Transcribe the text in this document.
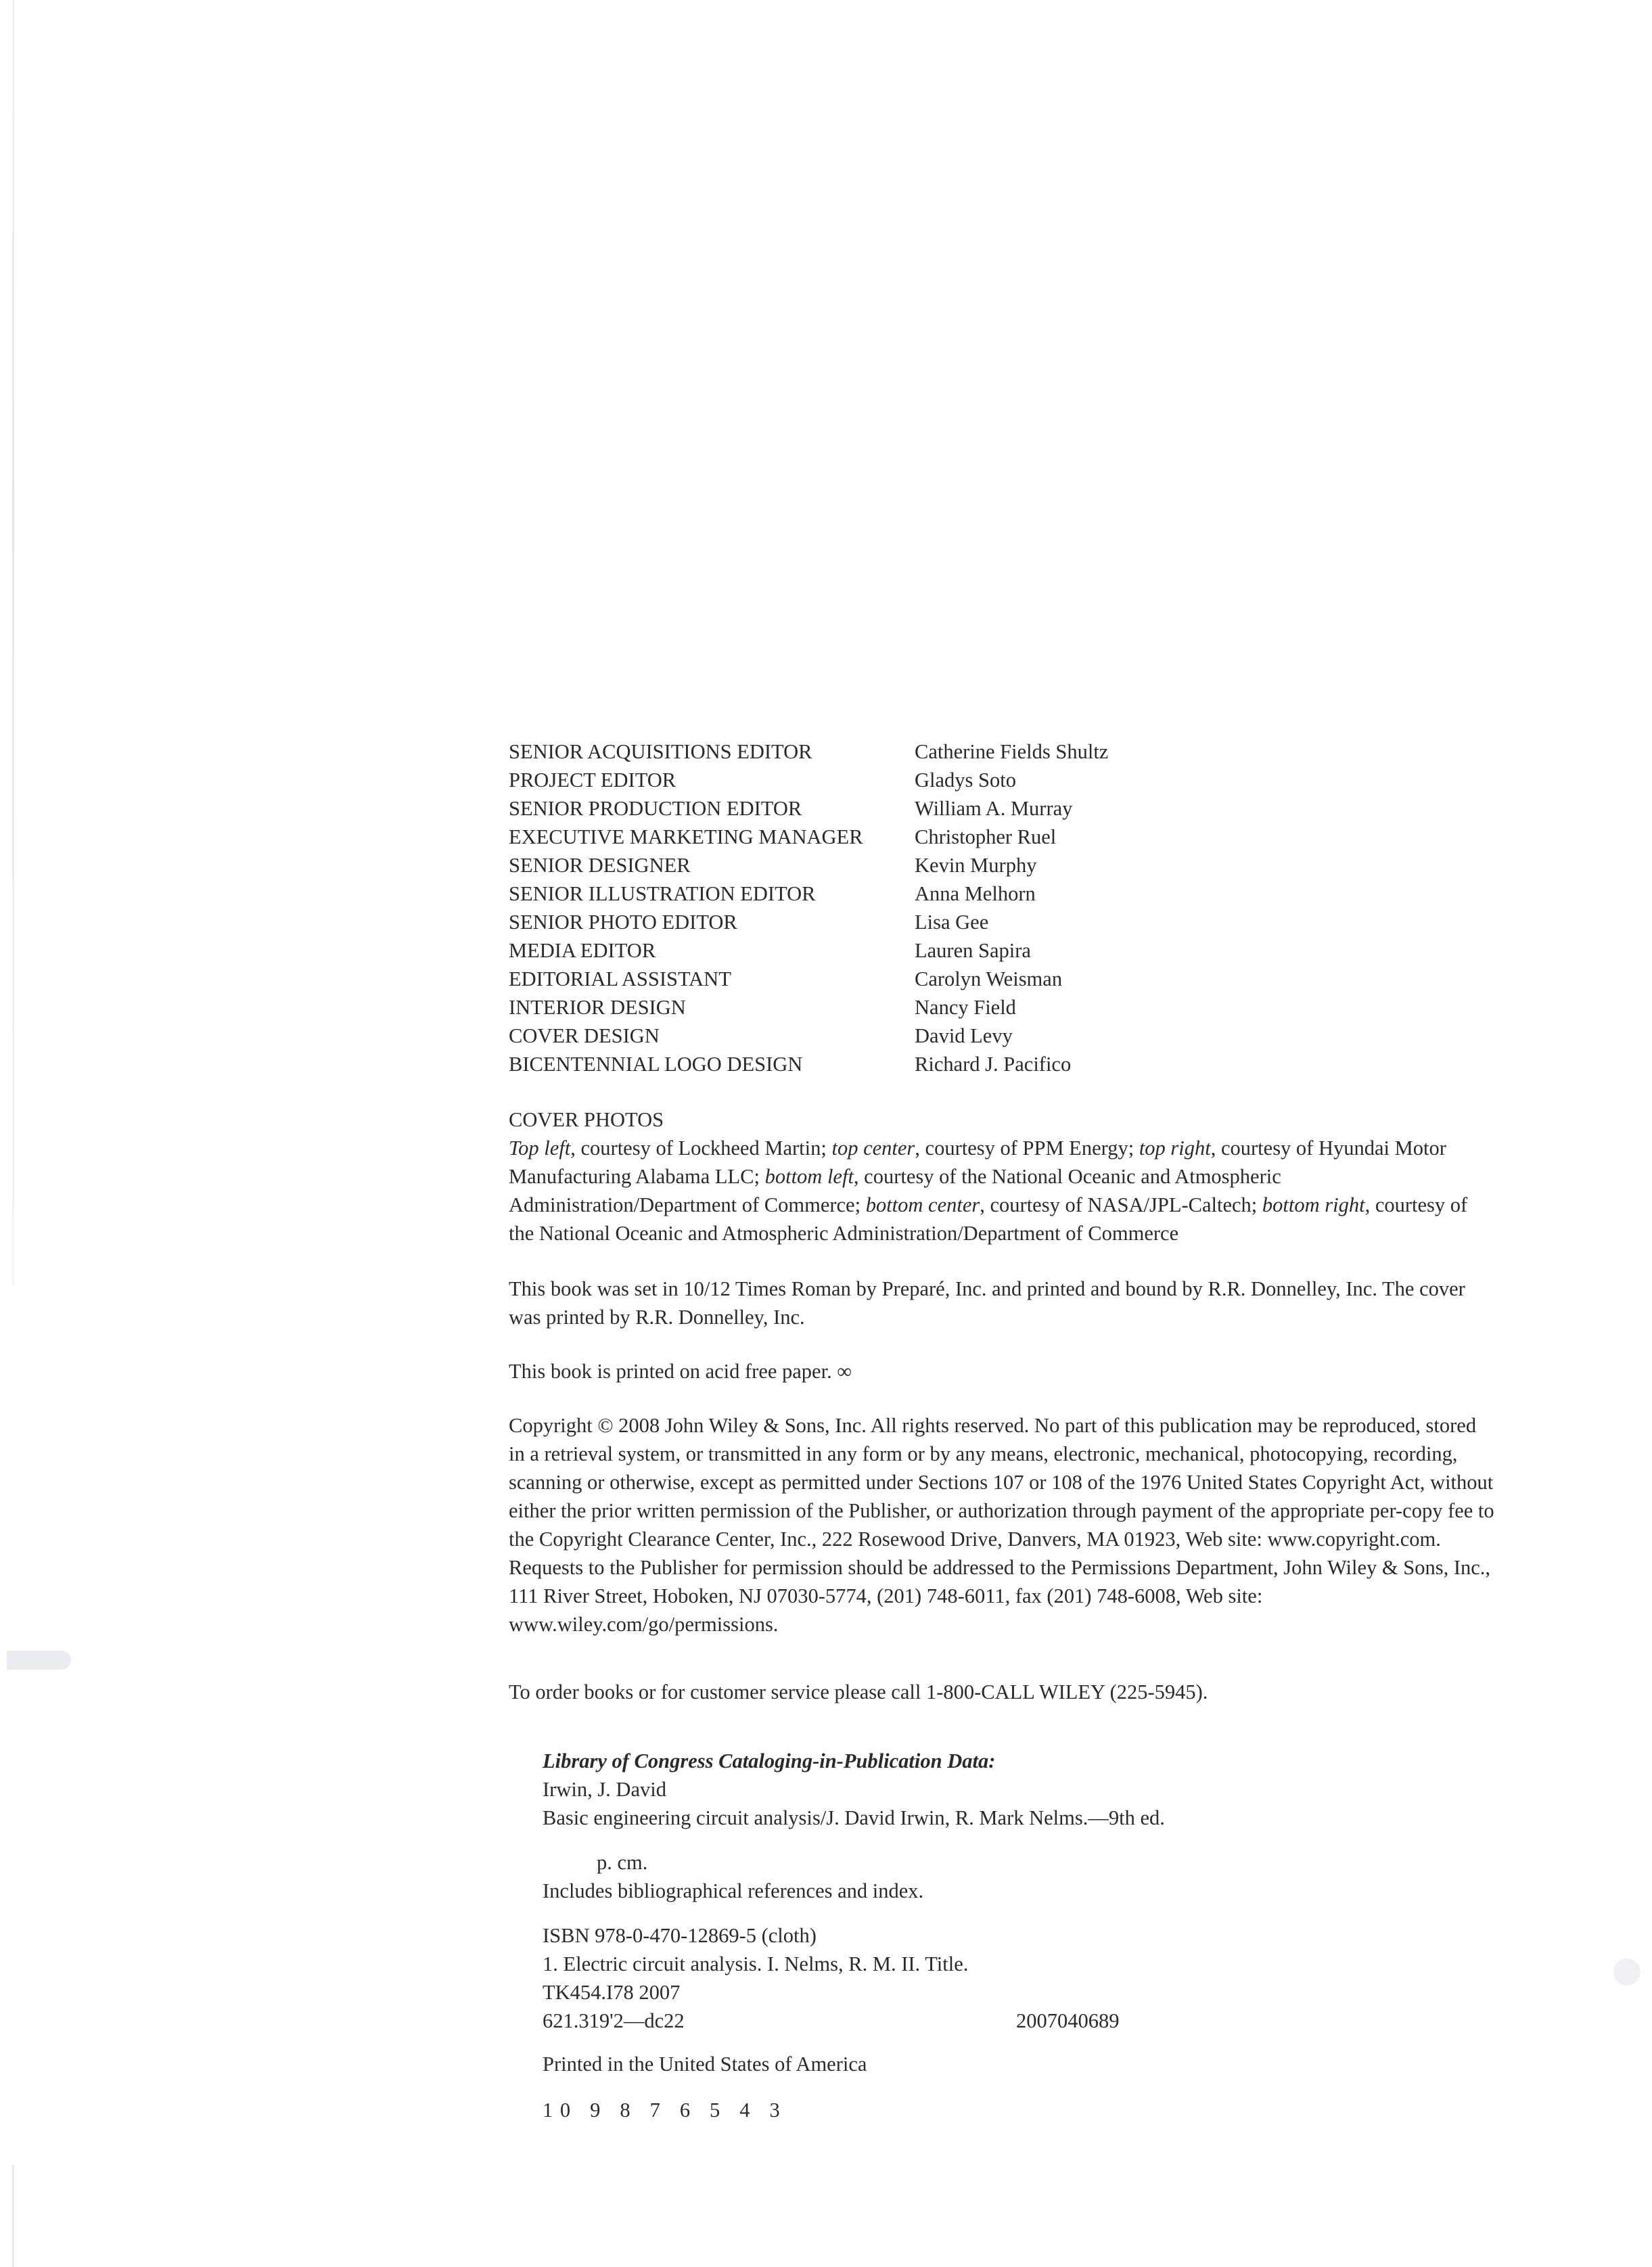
SENIOR ACQUISITIONS EDITOR	Catherine Fields Shultz
PROJECT EDITOR	Gladys Soto
SENIOR PRODUCTION EDITOR	William A. Murray
EXECUTIVE MARKETING MANAGER	Christopher Ruel
SENIOR DESIGNER	Kevin Murphy
SENIOR ILLUSTRATION EDITOR	Anna Melhorn
SENIOR PHOTO EDITOR	Lisa Gee
MEDIA EDITOR	Lauren Sapira
EDITORIAL ASSISTANT	Carolyn Weisman
INTERIOR DESIGN	Nancy Field
COVER DESIGN	David Levy
BICENTENNIAL LOGO DESIGN	Richard J. Pacifico
COVER PHOTOS
Top left, courtesy of Lockheed Martin; top center, courtesy of PPM Energy; top right, courtesy of Hyundai Motor Manufacturing Alabama LLC; bottom left, courtesy of the National Oceanic and Atmospheric Administration/Department of Commerce; bottom center, courtesy of NASA/JPL-Caltech; bottom right, courtesy of the National Oceanic and Atmospheric Administration/Department of Commerce

This book was set in 10/12 Times Roman by Preparé, Inc. and printed and bound by R.R. Donnelley, Inc. The cover was printed by R.R. Donnelley, Inc.

This book is printed on acid free paper. ∞

Copyright © 2008 John Wiley & Sons, Inc. All rights reserved. No part of this publication may be reproduced, stored in a retrieval system, or transmitted in any form or by any means, electronic, mechanical, photocopying, recording, scanning or otherwise, except as permitted under Sections 107 or 108 of the 1976 United States Copyright Act, without either the prior written permission of the Publisher, or authorization through payment of the appropriate per-copy fee to the Copyright Clearance Center, Inc., 222 Rosewood Drive, Danvers, MA 01923, Web site: www.copyright.com. Requests to the Publisher for permission should be addressed to the Permissions Department, John Wiley & Sons, Inc., 111 River Street, Hoboken, NJ 07030-5774, (201) 748-6011, fax (201) 748-6008, Web site: www.wiley.com/go/permissions.

To order books or for customer service please call 1-800-CALL WILEY (225-5945).

Library of Congress Cataloging-in-Publication Data:
Irwin, J. David
Basic engineering circuit analysis/J. David Irwin, R. Mark Nelms.—9th ed.
p. cm.
Includes bibliographical references and index.
ISBN 978-0-470-12869-5 (cloth)
1. Electric circuit analysis. I. Nelms, R. M. II. Title.
TK454.I78 2007
621.319'2—dc22	2007040689
Printed in the United States of America
10 9 8 7 6 5 4 3
